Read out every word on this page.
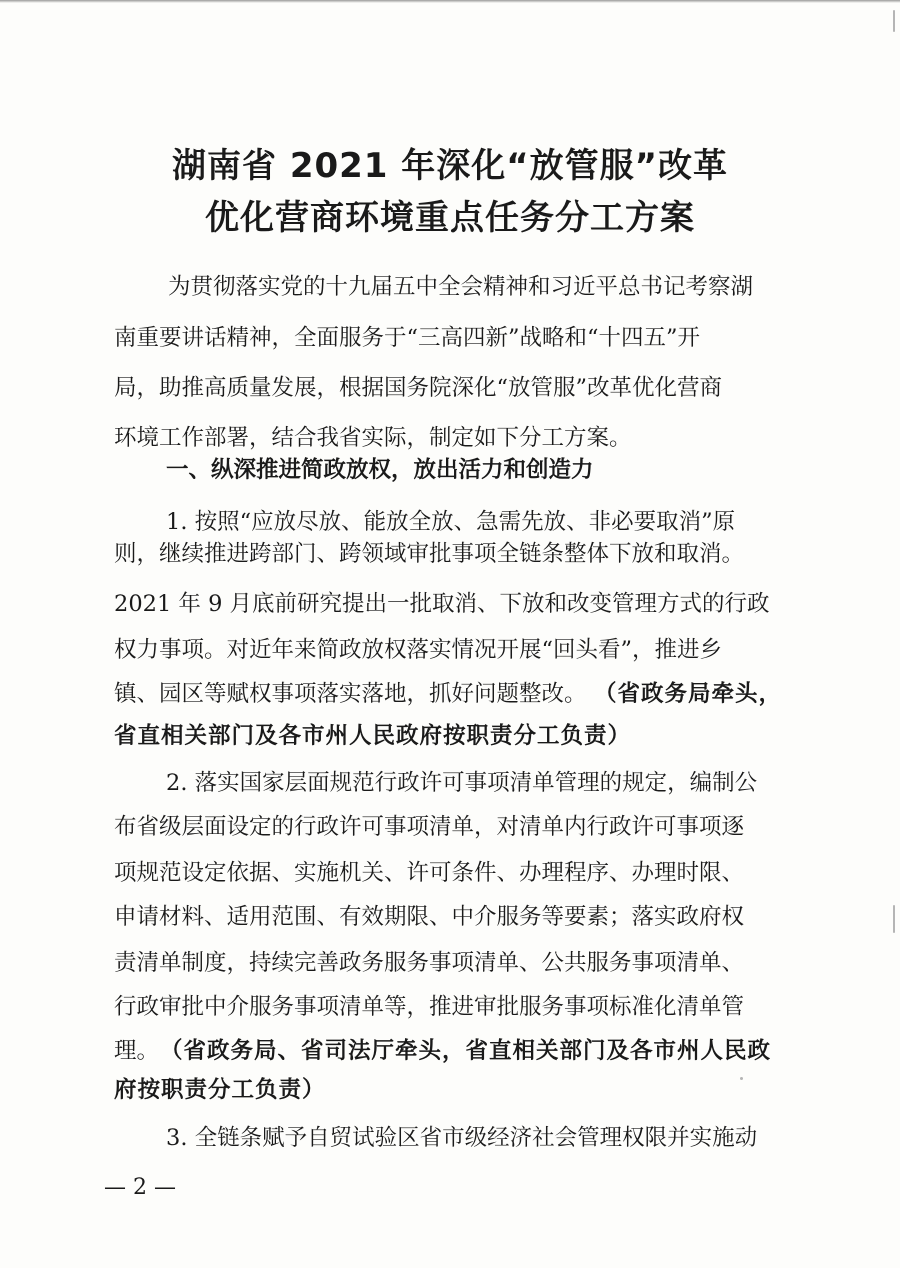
湖南省 2021 年深化“放管服”改革
优化营商环境重点任务分工方案
为贯彻落实党的十九届五中全会精神和习近平总书记考察湖
南重要讲话精神，全面服务于“三高四新”战略和“十四五”开
局，助推高质量发展，根据国务院深化“放管服”改革优化营商
环境工作部署，结合我省实际，制定如下分工方案。
一、纵深推进简政放权，放出活力和创造力
1. 按照“应放尽放、能放全放、急需先放、非必要取消”原
则，继续推进跨部门、跨领域审批事项全链条整体下放和取消。
2021 年 9 月底前研究提出一批取消、下放和改变管理方式的行政
权力事项。对近年来简政放权落实情况开展“回头看”，推进乡
镇、园区等赋权事项落实落地，抓好问题整改。 （省政务局牵头，
省直相关部门及各市州人民政府按职责分工负责）
2. 落实国家层面规范行政许可事项清单管理的规定，编制公
布省级层面设定的行政许可事项清单，对清单内行政许可事项逐
项规范设定依据、实施机关、许可条件、办理程序、办理时限、
申请材料、适用范围、有效期限、中介服务等要素；落实政府权
责清单制度，持续完善政务服务事项清单、公共服务事项清单、
行政审批中介服务事项清单等，推进审批服务事项标准化清单管
理。 （省政务局、省司法厅牵头，省直相关部门及各市州人民政
府按职责分工负责）
3. 全链条赋予自贸试验区省市级经济社会管理权限并实施动
— 2 —
